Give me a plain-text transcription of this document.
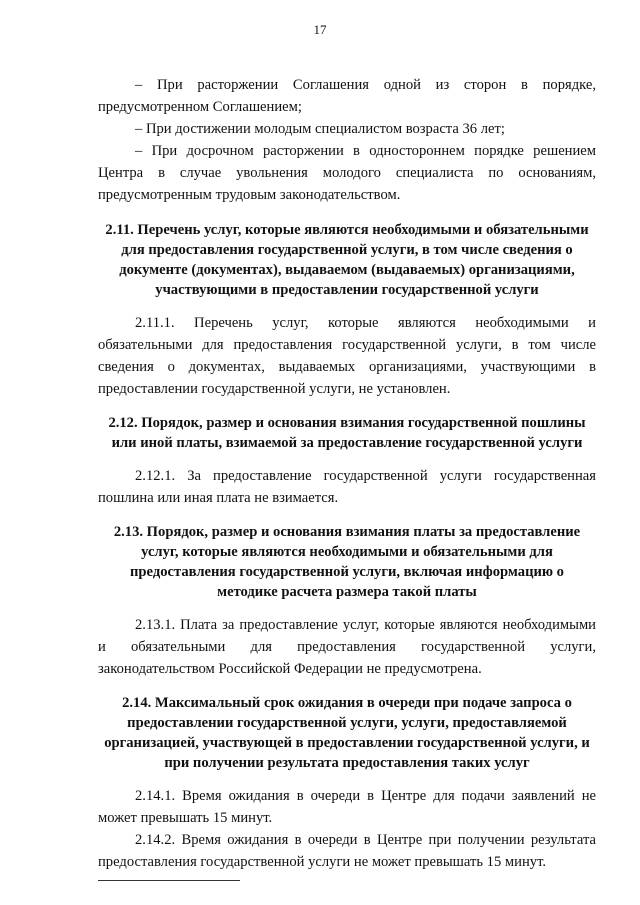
17

– При расторжении Соглашения одной из сторон в порядке, предусмотренном Соглашением;

– При достижении молодым специалистом возраста 36 лет;

– При досрочном расторжении в одностороннем порядке решением Центра в случае увольнения молодого специалиста по основаниям, предусмотренным трудовым законодательством.

2.11. Перечень услуг, которые являются необходимыми и обязательными для предоставления государственной услуги, в том числе сведения о документе (документах), выдаваемом (выдаваемых) организациями, участвующими в предоставлении государственной услуги

2.11.1. Перечень услуг, которые являются необходимыми и обязательными для предоставления государственной услуги, в том числе сведения о документах, выдаваемых организациями, участвующими в предоставлении государственной услуги, не установлен.

2.12. Порядок, размер и основания взимания государственной пошлины или иной платы, взимаемой за предоставление государственной услуги

2.12.1. За предоставление государственной услуги государственная пошлина или иная плата не взимается.

2.13. Порядок, размер и основания взимания платы за предоставление услуг, которые являются необходимыми и обязательными для предоставления государственной услуги, включая информацию о методике расчета размера такой платы

2.13.1. Плата за предоставление услуг, которые являются необходимыми и обязательными для предоставления государственной услуги, законодательством Российской Федерации не предусмотрена.

2.14. Максимальный срок ожидания в очереди при подаче запроса о предоставлении государственной услуги, услуги, предоставляемой организацией, участвующей в предоставлении государственной услуги, и при получении результата предоставления таких услуг

2.14.1. Время ожидания в очереди в Центре для подачи заявлений не может превышать 15 минут.

2.14.2. Время ожидания в очереди в Центре при получении результата предоставления государственной услуги не может превышать 15 минут.
